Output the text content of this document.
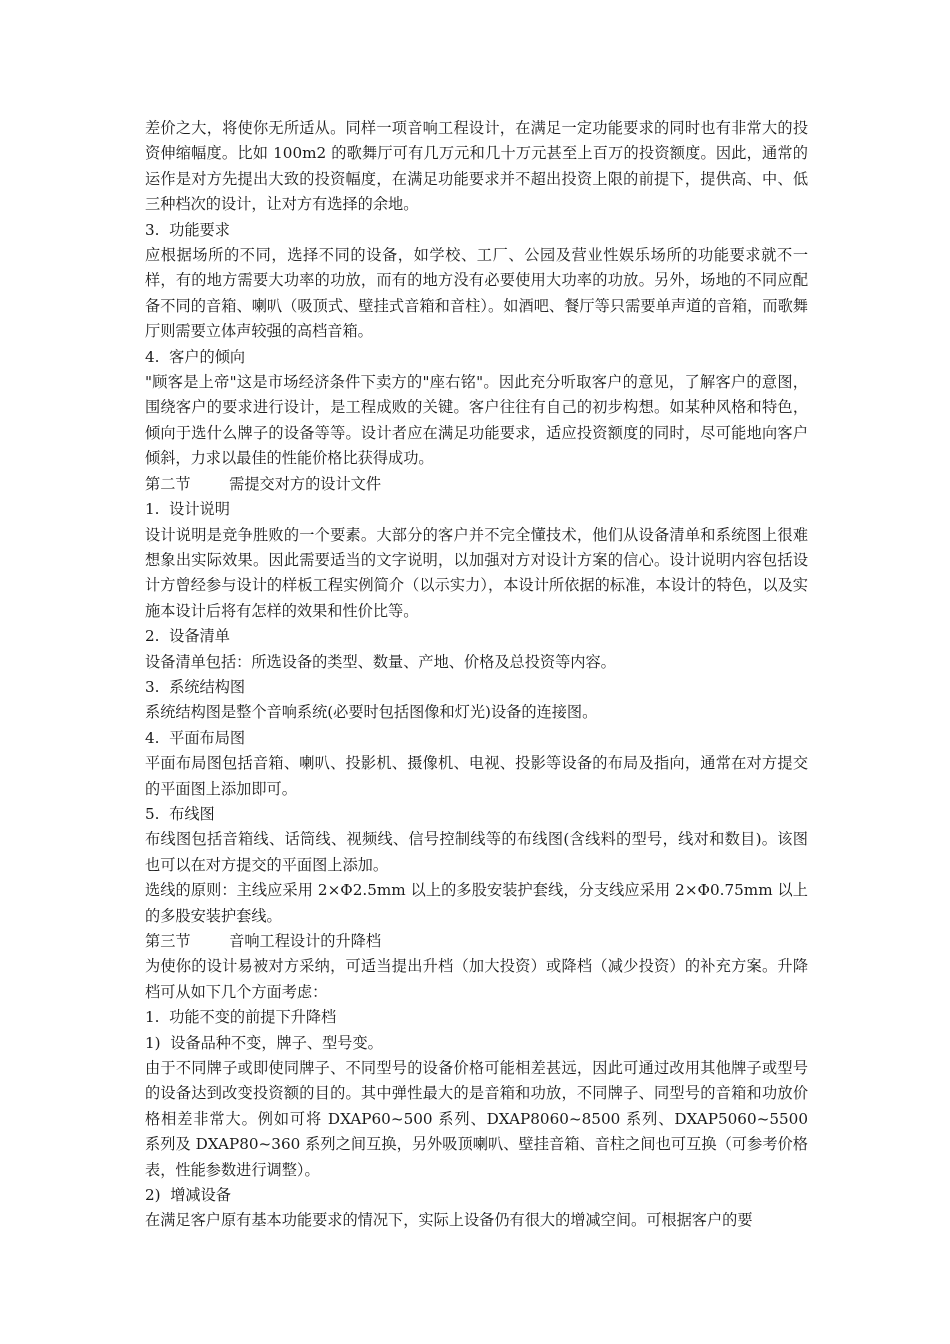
差价之大，将使你无所适从。同样一项音响工程设计，在满足一定功能要求的同时也有非常大的投资伸缩幅度。比如 100m2 的歌舞厅可有几万元和几十万元甚至上百万的投资额度。因此，通常的运作是对方先提出大致的投资幅度，在满足功能要求并不超出投资上限的前提下，提供高、中、低三种档次的设计，让对方有选择的余地。

3.  功能要求

应根据场所的不同，选择不同的设备，如学校、工厂、公园及营业性娱乐场所的功能要求就不一样，有的地方需要大功率的功放，而有的地方没有必要使用大功率的功放。另外，场地的不同应配备不同的音箱、喇叭（吸顶式、壁挂式音箱和音柱）。如酒吧、餐厅等只需要单声道的音箱，而歌舞厅则需要立体声较强的高档音箱。

4.  客户的倾向

"顾客是上帝"这是市场经济条件下卖方的"座右铭"。因此充分听取客户的意见，了解客户的意图，围绕客户的要求进行设计，是工程成败的关键。客户往往有自己的初步构想。如某种风格和特色，倾向于选什么牌子的设备等等。设计者应在满足功能要求，适应投资额度的同时，尽可能地向客户倾斜，力求以最佳的性能价格比获得成功。

第二节        需提交对方的设计文件

1.  设计说明

设计说明是竞争胜败的一个要素。大部分的客户并不完全懂技术，他们从设备清单和系统图上很难想象出实际效果。因此需要适当的文字说明，以加强对方对设计方案的信心。设计说明内容包括设计方曾经参与设计的样板工程实例简介（以示实力），本设计所依据的标准，本设计的特色，以及实施本设计后将有怎样的效果和性价比等。

2.  设备清单

设备清单包括：所选设备的类型、数量、产地、价格及总投资等内容。

3.  系统结构图

系统结构图是整个音响系统(必要时包括图像和灯光)设备的连接图。

4.  平面布局图

平面布局图包括音箱、喇叭、投影机、摄像机、电视、投影等设备的布局及指向，通常在对方提交的平面图上添加即可。

5.  布线图

布线图包括音箱线、话筒线、视频线、信号控制线等的布线图(含线料的型号，线对和数目)。该图也可以在对方提交的平面图上添加。

选线的原则：主线应采用 2×Φ2.5mm 以上的多股安装护套线，分支线应采用 2×Φ0.75mm 以上的多股安装护套线。

第三节        音响工程设计的升降档

为使你的设计易被对方采纳，可适当提出升档（加大投资）或降档（减少投资）的补充方案。升降档可从如下几个方面考虑：

1.  功能不变的前提下升降档

1)  设备品种不变，牌子、型号变。

由于不同牌子或即使同牌子、不同型号的设备价格可能相差甚远，因此可通过改用其他牌子或型号的设备达到改变投资额的目的。其中弹性最大的是音箱和功放，不同牌子、同型号的音箱和功放价格相差非常大。例如可将 DXAP60~500 系列、DXAP8060~8500 系列、DXAP5060~5500 系列及 DXAP80~360 系列之间互换，另外吸顶喇叭、壁挂音箱、音柱之间也可互换（可参考价格表，性能参数进行调整）。

2)  增减设备

在满足客户原有基本功能要求的情况下，实际上设备仍有很大的增减空间。可根据客户的要
